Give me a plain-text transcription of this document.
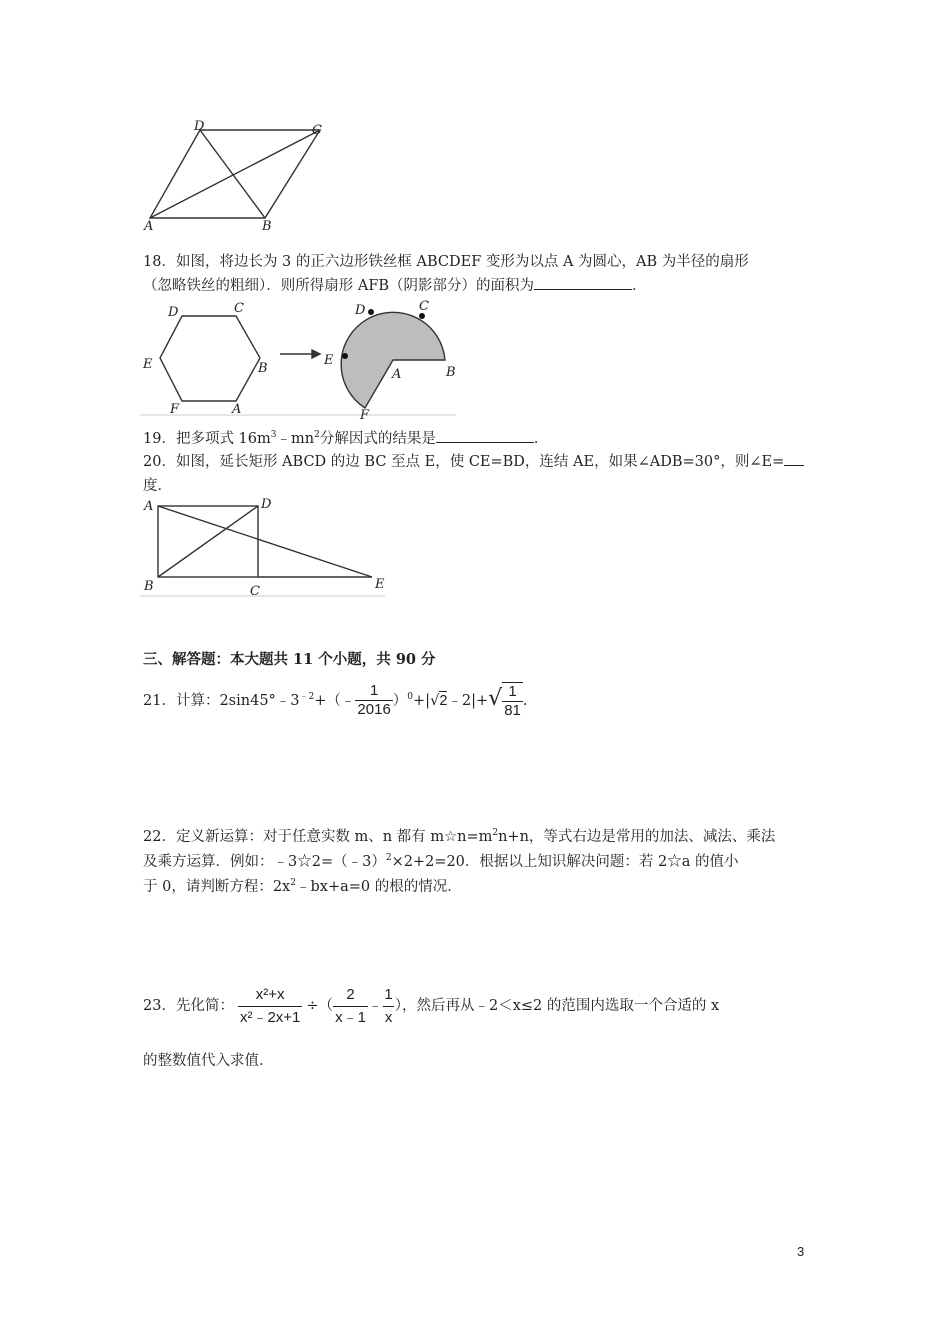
D	C
A	B
18．如图，将边长为 3 的正六边形铁丝框 ABCDEF 变形为以点 A 为圆心，AB 为半径的扇形
（忽略铁丝的粗细）．则所得扇形 AFB（阴影部分）的面积为	．
D	C
E	B
F	A
D	C
E
A
F
B
19．把多项式 $16m^3﹣mn^2$分解因式的结果是	．
20．如图，延长矩形 ABCD 的边 BC 至点 E，使 CE=BD，连结 AE，如果∠ADB=30°，则∠E=
度．
A	D
B	C	E
三、解答题：本大题共 11 个小题，共 90 分
21．计算：$2\sin 45^\circ﹣3^{﹣2}+(﹣ \frac{1}{2016}$ ）$^0$+|√2﹣2|+√ $\frac{1}{81}$ .
22．定义新运算：对于任意实数 m、n 都有 $m☆n=m^2n+n$，等式右边是常用的加法、减法、乘法
及乘方运算．例如：﹣3☆2=（﹣3）$^2$×2+2=20．根据以上知识解决问题：若 2☆a 的值小
于 0，请判断方程：$2x^2﹣bx+a=0$ 的根的情况．
23．先化简： $\frac{\text{x²+x}}{\text{x²﹣2x+1}}$ ÷（ $\frac{2}{x﹣1}$ ﹣ $\frac{1}{x}$ ），然后再从﹣2＜x≤2 的范围内选取一个合适的 x
的整数值代入求值．
3
